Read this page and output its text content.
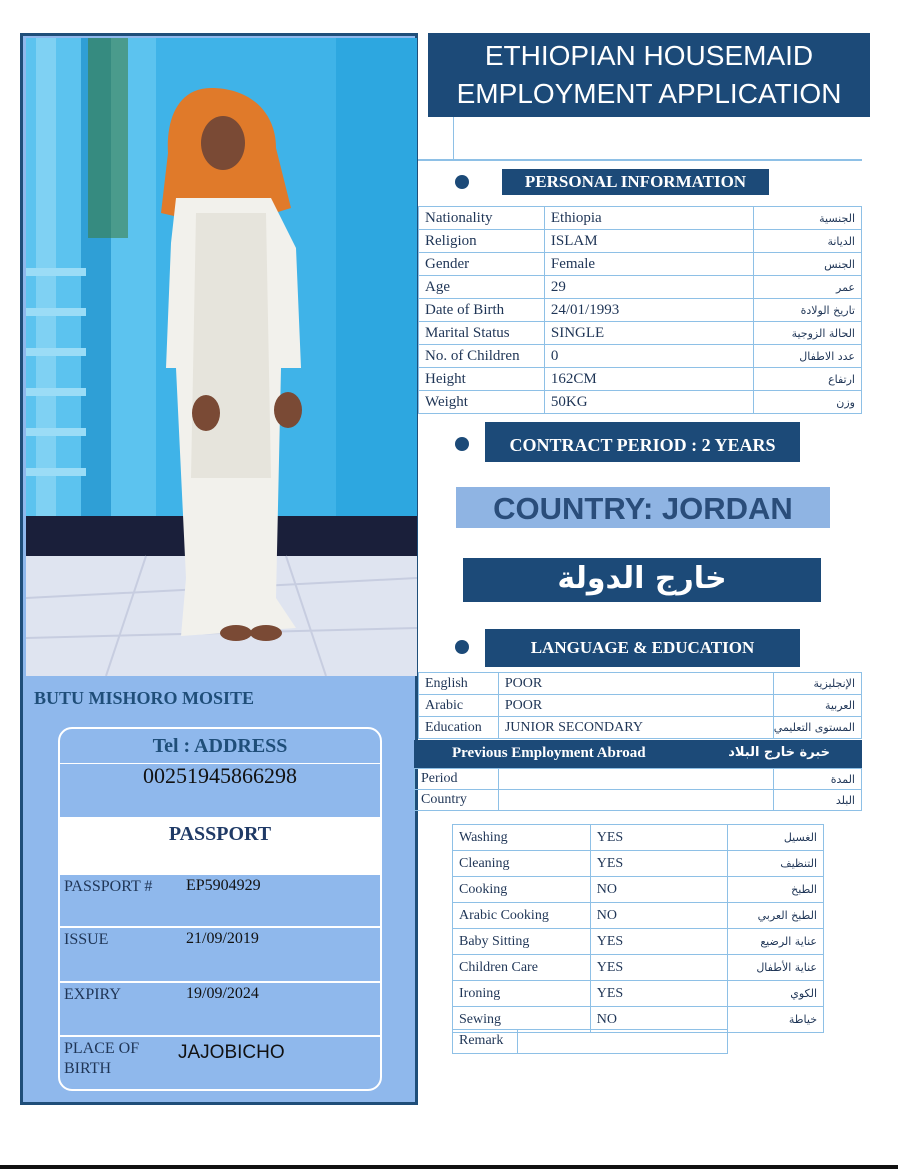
BUTU MISHORO MOSITE
Tel : ADDRESS
00251945866298
PASSPORT
PASSPORT #	EP5904929
ISSUE	21/09/2019
EXPIRY	19/09/2024
PLACE OF BIRTH
JAJOBICHO
ETHIOPIAN HOUSEMAID
EMPLOYMENT APPLICATION
PERSONAL INFORMATION
Nationality	Ethiopia	الجنسية
Religion	ISLAM	الديانة
Gender	Female	الجنس
Age	29	عمر
Date of Birth	24/01/1993	تاريخ الولادة
Marital Status	SINGLE	الحالة الزوجية
No. of Children	0	عدد الاطفال
Height	162CM	ارتفاع
Weight	50KG	وزن
CONTRACT PERIOD : 2 YEARS
COUNTRY: JORDAN
خارج الدولة
LANGUAGE & EDUCATION
English	POOR	الإنجليزية
Arabic	POOR	العربية
Education	JUNIOR SECONDARY	المستوى التعليمي
Previous Employment Abroad	خبرة خارج البلاد
Period		المدة
Country		البلد
Washing	YES	الغسيل
Cleaning	YES	التنظيف
Cooking	NO	الطبخ
Arabic Cooking	NO	الطبخ العربي
Baby Sitting	YES	عناية الرضيع
Children Care	YES	عناية الأطفال
Ironing	YES	الكوي
Sewing	NO	خياطة
Remark
